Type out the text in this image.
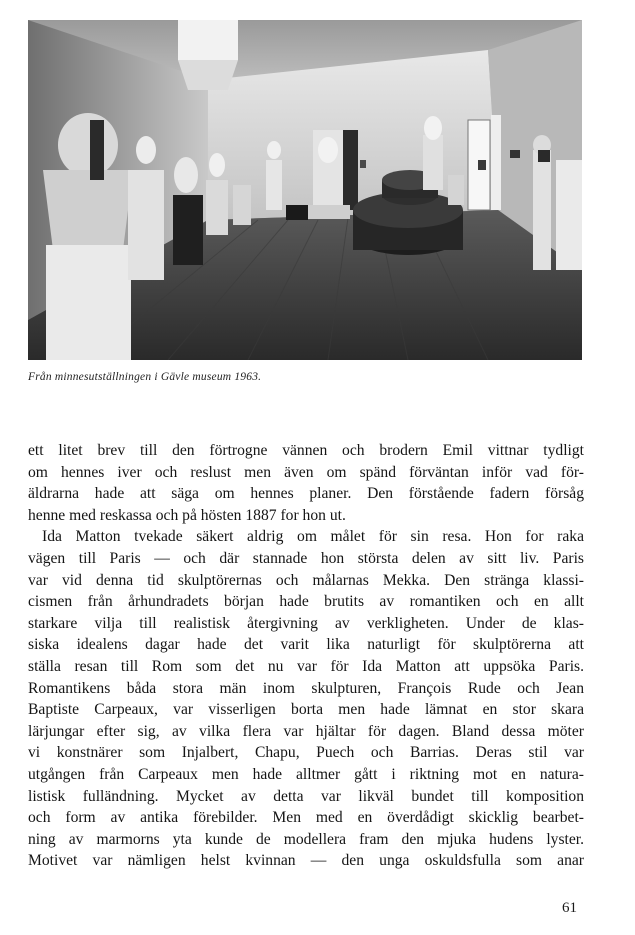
Från minnesutställningen i Gävle museum 1963.
ett litet brev till den förtrogne vännen och brodern Emil vittnar tydligt
om hennes iver och reslust men även om spänd förväntan inför vad för-
äldrarna hade att säga om hennes planer. Den förstående fadern försåg
henne med reskassa och på hösten 1887 for hon ut.
Ida Matton tvekade säkert aldrig om målet för sin resa. Hon for raka
vägen till Paris — och där stannade hon största delen av sitt liv. Paris
var vid denna tid skulptörernas och målarnas Mekka. Den stränga klassi-
cismen från århundradets början hade brutits av romantiken och en allt
starkare vilja till realistisk återgivning av verkligheten. Under de klas-
siska idealens dagar hade det varit lika naturligt för skulptörerna att
ställa resan till Rom som det nu var för Ida Matton att uppsöka Paris.
Romantikens båda stora män inom skulpturen, François Rude och Jean
Baptiste Carpeaux, var visserligen borta men hade lämnat en stor skara
lärjungar efter sig, av vilka flera var hjältar för dagen. Bland dessa möter
vi konstnärer som Injalbert, Chapu, Puech och Barrias. Deras stil var
utgången från Carpeaux men hade alltmer gått i riktning mot en natura-
listisk fulländning. Mycket av detta var likväl bundet till komposition
och form av antika förebilder. Men med en överdådigt skicklig bearbet-
ning av marmorns yta kunde de modellera fram den mjuka hudens lyster.
Motivet var nämligen helst kvinnan — den unga oskuldsfulla som anar
61
